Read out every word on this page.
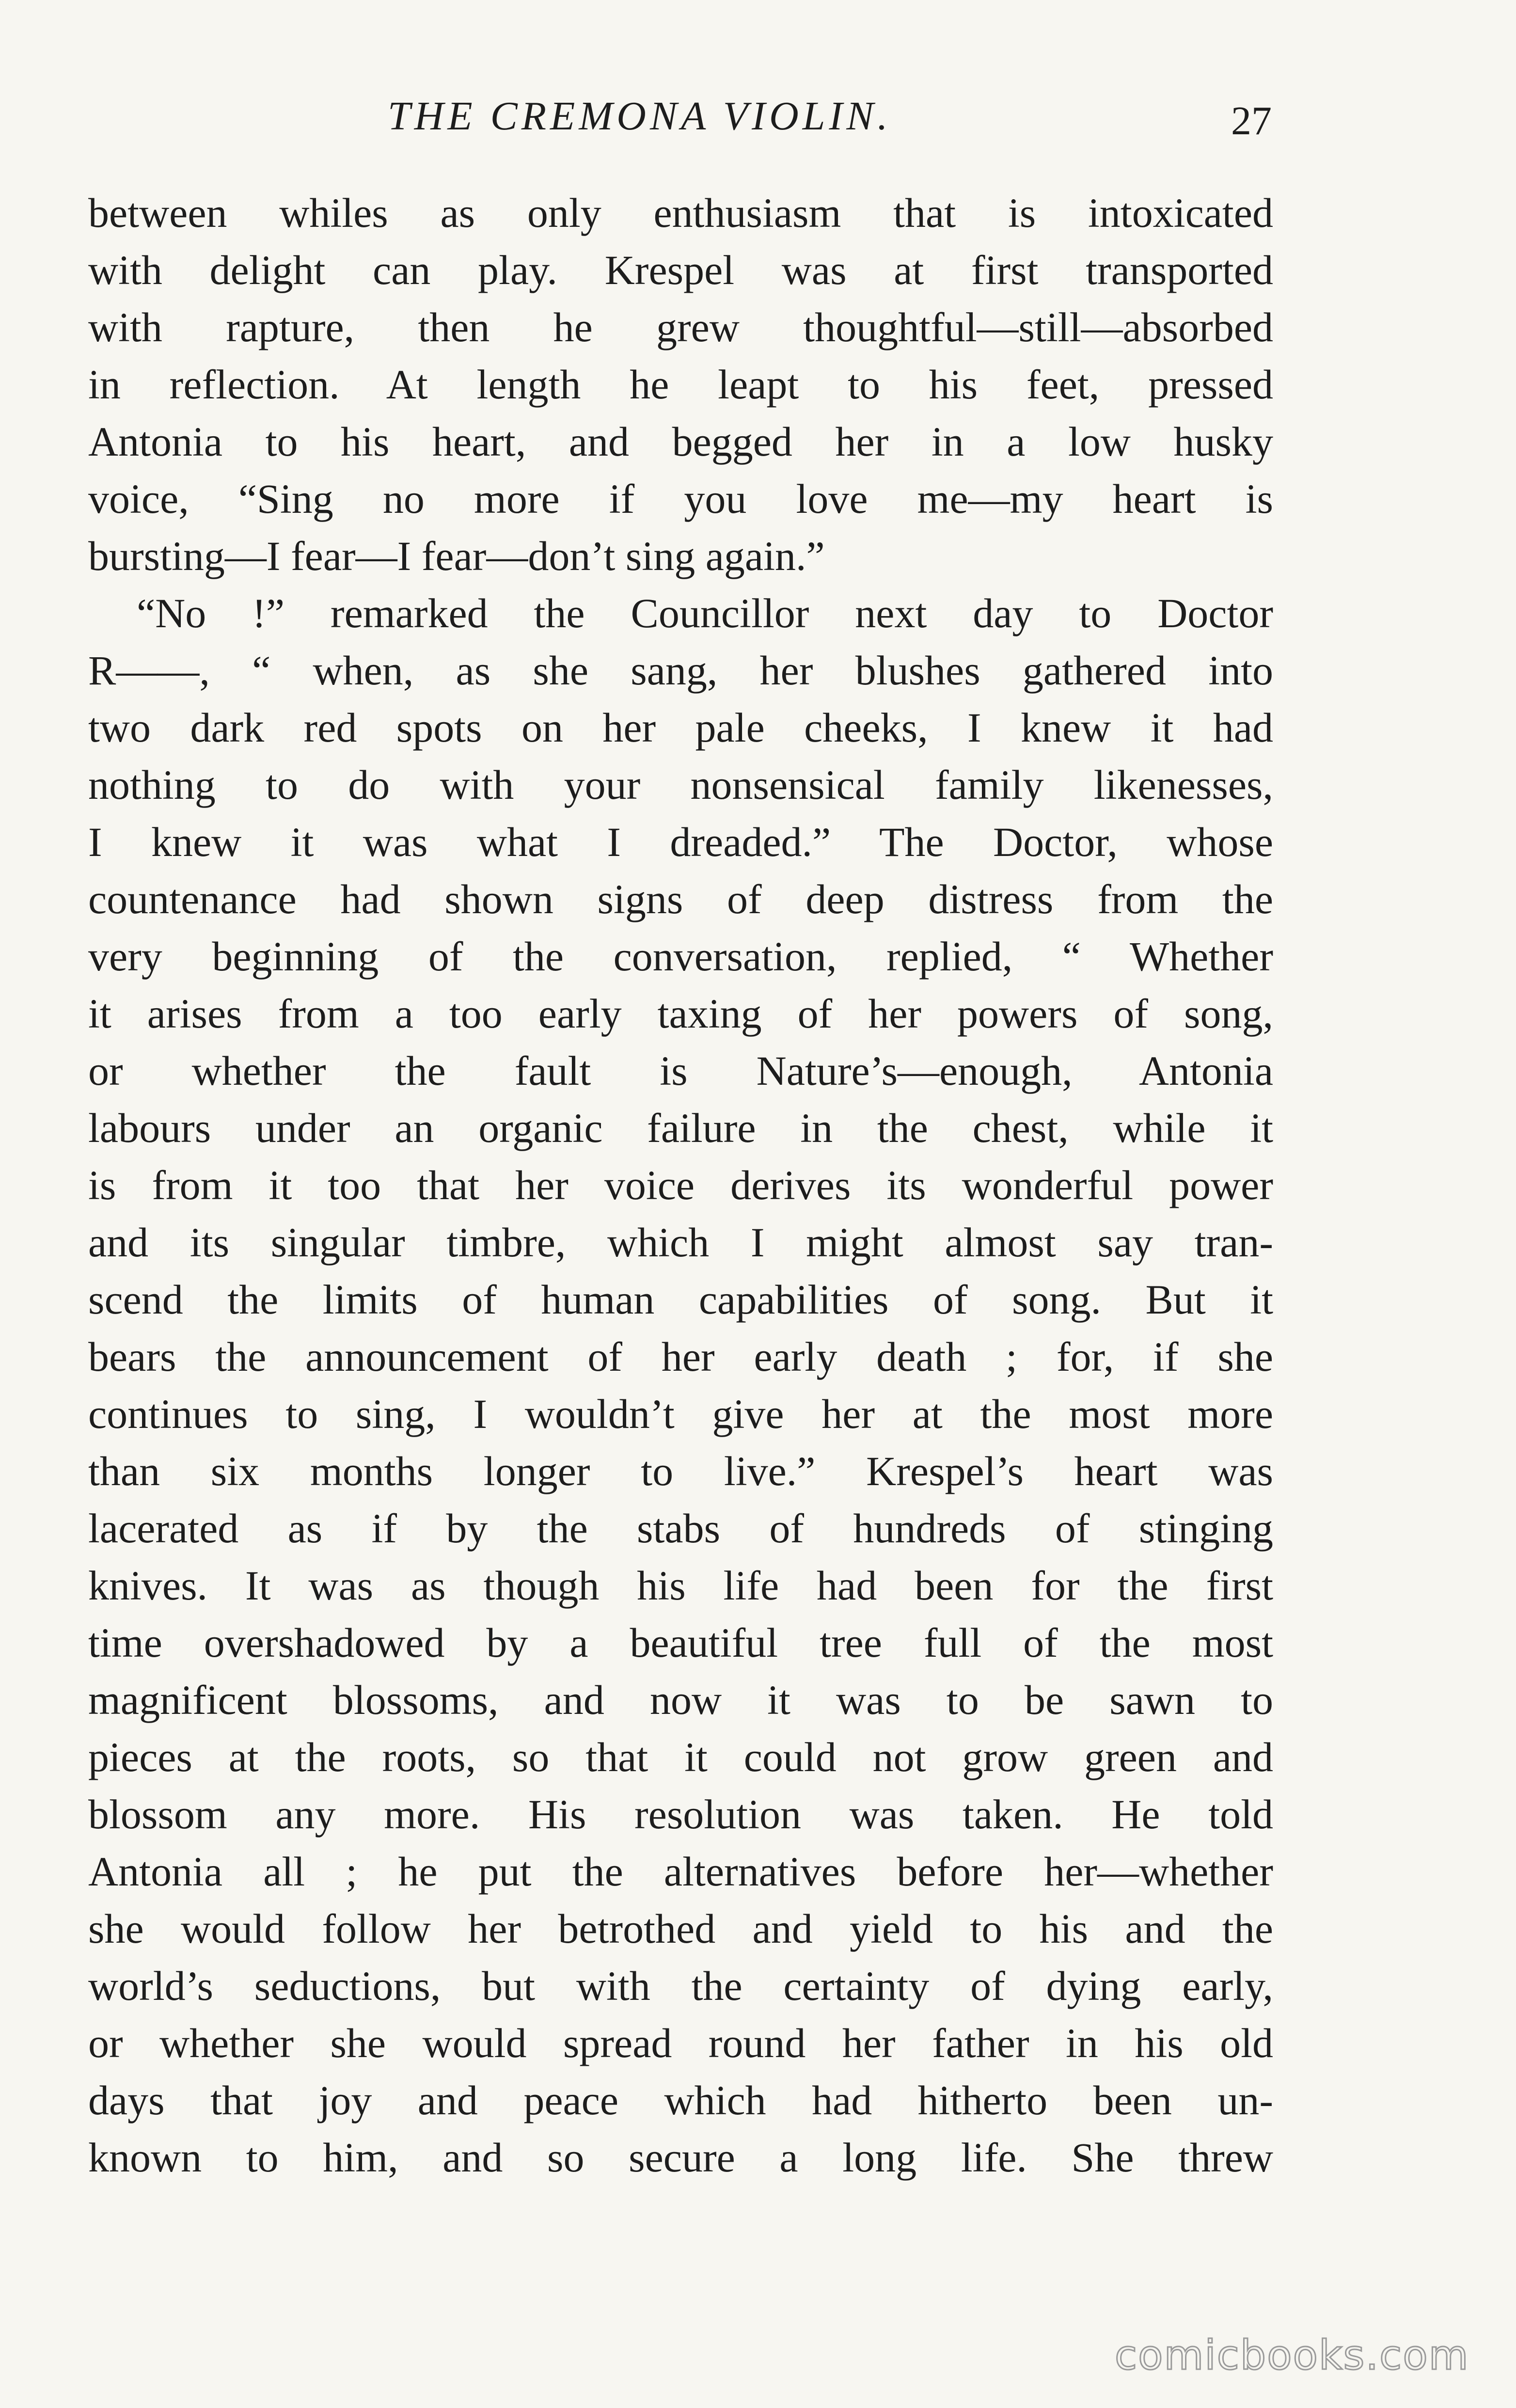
THE CREMONA VIOLIN.	27
between whiles as only enthusiasm that is intoxicated
with delight can play. Krespel was at first transported
with rapture, then he grew thoughtful—still—absorbed
in reflection. At length he leapt to his feet, pressed
Antonia to his heart, and begged her in a low husky
voice, “Sing no more if you love me—my heart is
bursting—I fear—I fear—don’t sing again.”
“No !” remarked the Councillor next day to Doctor
R——, “ when, as she sang, her blushes gathered into
two dark red spots on her pale cheeks, I knew it had
nothing to do with your nonsensical family likenesses,
I knew it was what I dreaded.” The Doctor, whose
countenance had shown signs of deep distress from the
very beginning of the conversation, replied, “ Whether
it arises from a too early taxing of her powers of song,
or whether the fault is Nature’s—enough, Antonia
labours under an organic failure in the chest, while it
is from it too that her voice derives its wonderful power
and its singular timbre, which I might almost say tran-
scend the limits of human capabilities of song. But it
bears the announcement of her early death ; for, if she
continues to sing, I wouldn’t give her at the most more
than six months longer to live.” Krespel’s heart was
lacerated as if by the stabs of hundreds of stinging
knives. It was as though his life had been for the first
time overshadowed by a beautiful tree full of the most
magnificent blossoms, and now it was to be sawn to
pieces at the roots, so that it could not grow green and
blossom any more. His resolution was taken. He told
Antonia all ; he put the alternatives before her—whether
she would follow her betrothed and yield to his and the
world’s seductions, but with the certainty of dying early,
or whether she would spread round her father in his old
days that joy and peace which had hitherto been un-
known to him, and so secure a long life. She threw
comicbooks.com
